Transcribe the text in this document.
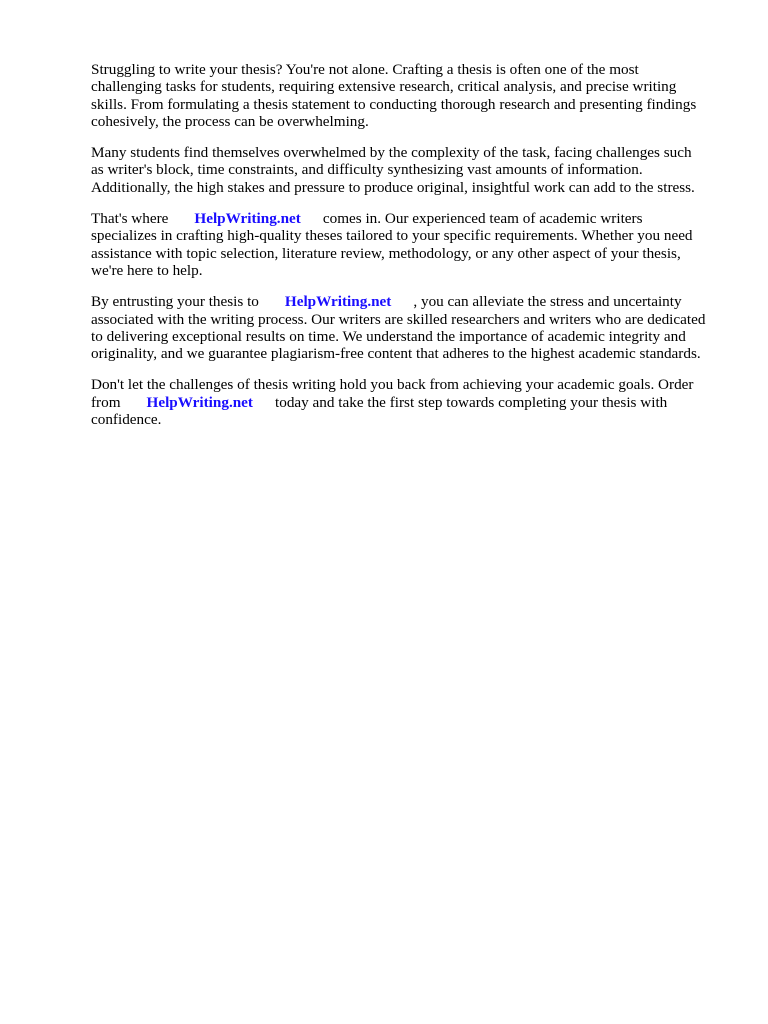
Struggling to write your thesis? You're not alone. Crafting a thesis is often one of the most
challenging tasks for students, requiring extensive research, critical analysis, and precise writing
skills. From formulating a thesis statement to conducting thorough research and presenting findings
cohesively, the process can be overwhelming.

Many students find themselves overwhelmed by the complexity of the task, facing challenges such
as writer's block, time constraints, and difficulty synthesizing vast amounts of information.
Additionally, the high stakes and pressure to produce original, insightful work can add to the stress.

That's where HelpWriting.net comes in. Our experienced team of academic writers
specializes in crafting high-quality theses tailored to your specific requirements. Whether you need
assistance with topic selection, literature review, methodology, or any other aspect of your thesis,
we're here to help.

By entrusting your thesis to HelpWriting.net , you can alleviate the stress and uncertainty
associated with the writing process. Our writers are skilled researchers and writers who are dedicated
to delivering exceptional results on time. We understand the importance of academic integrity and
originality, and we guarantee plagiarism-free content that adheres to the highest academic standards.

Don't let the challenges of thesis writing hold you back from achieving your academic goals. Order
from HelpWriting.net today and take the first step towards completing your thesis with
confidence.
